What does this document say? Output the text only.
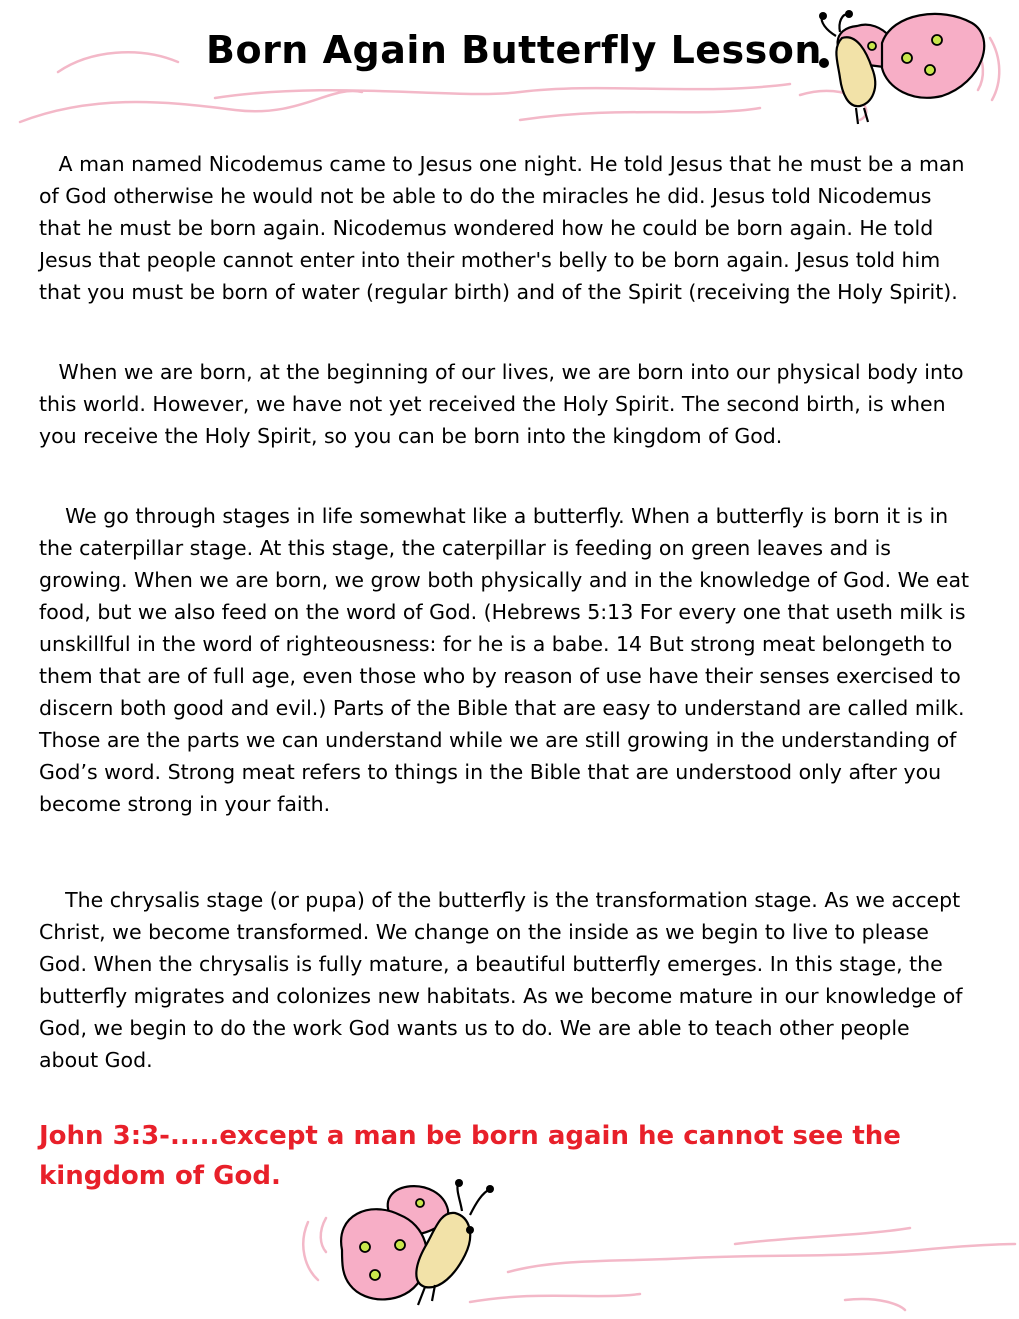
Born Again Butterfly Lesson

A man named Nicodemus came to Jesus one night. He told Jesus that he must be a man of God otherwise he would not be able to do the miracles he did. Jesus told Nicodemus that he must be born again. Nicodemus wondered how he could be born again. He told Jesus that people cannot enter into their mother's belly to be born again. Jesus told him that you must be born of water (regular birth) and of the Spirit (receiving the Holy Spirit).

When we are born, at the beginning of our lives, we are born into our physical body into this world. However, we have not yet received the Holy Spirit. The second birth, is when you receive the Holy Spirit, so you can be born into the kingdom of God.

We go through stages in life somewhat like a butterfly. When a butterfly is born it is in the caterpillar stage. At this stage, the caterpillar is feeding on green leaves and is growing. When we are born, we grow both physically and in the knowledge of God. We eat food, but we also feed on the word of God. (Hebrews 5:13 For every one that useth milk is unskillful in the word of righteousness: for he is a babe. 14 But strong meat belongeth to them that are of full age, even those who by reason of use have their senses exercised to discern both good and evil.) Parts of the Bible that are easy to understand are called milk. Those are the parts we can understand while we are still growing in the understanding of God’s word. Strong meat refers to things in the Bible that are understood only after you become strong in your faith.

The chrysalis stage (or pupa) of the butterfly is the transformation stage. As we accept Christ, we become transformed. We change on the inside as we begin to live to please God. When the chrysalis is fully mature, a beautiful butterfly emerges. In this stage, the butterfly migrates and colonizes new habitats. As we become mature in our knowledge of God, we begin to do the work God wants us to do. We are able to teach other people about God.

John 3:3-.....except a man be born again he cannot see the kingdom of God.
